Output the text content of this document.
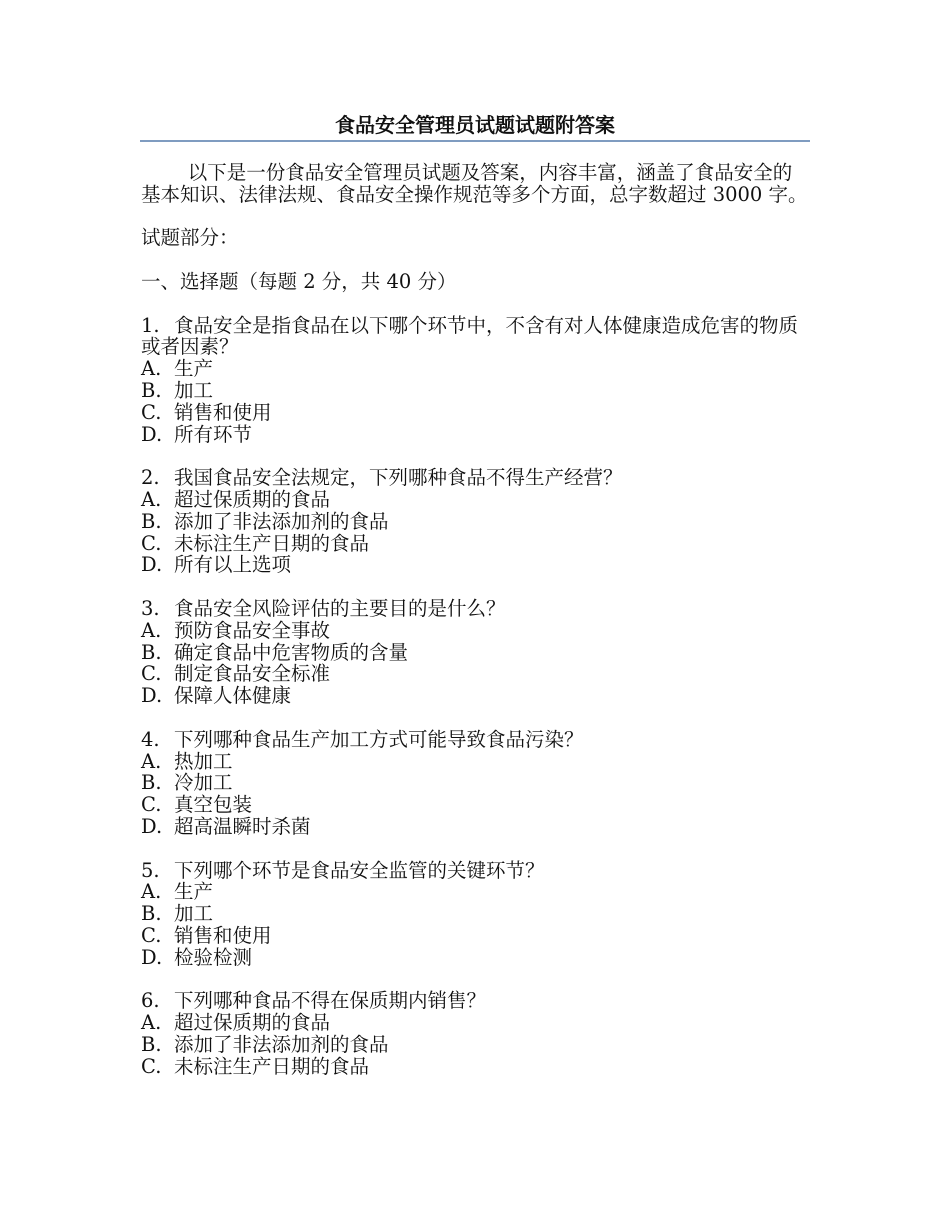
食品安全管理员试题试题附答案

以下是一份食品安全管理员试题及答案，内容丰富，涵盖了食品安全的基本知识、法律法规、食品安全操作规范等多个方面，总字数超过 3000 字。

试题部分：

一、选择题（每题 2 分，共 40 分）

1. 食品安全是指食品在以下哪个环节中，不含有对人体健康造成危害的物质或者因素？

A. 生产

B. 加工

C. 销售和使用

D. 所有环节

2. 我国食品安全法规定，下列哪种食品不得生产经营？

A. 超过保质期的食品

B. 添加了非法添加剂的食品

C. 未标注生产日期的食品

D. 所有以上选项

3. 食品安全风险评估的主要目的是什么？

A. 预防食品安全事故

B. 确定食品中危害物质的含量

C. 制定食品安全标准

D. 保障人体健康

4. 下列哪种食品生产加工方式可能导致食品污染？

A. 热加工

B. 冷加工

C. 真空包装

D. 超高温瞬时杀菌

5. 下列哪个环节是食品安全监管的关键环节？

A. 生产

B. 加工

C. 销售和使用

D. 检验检测

6. 下列哪种食品不得在保质期内销售？

A. 超过保质期的食品

B. 添加了非法添加剂的食品

C. 未标注生产日期的食品
